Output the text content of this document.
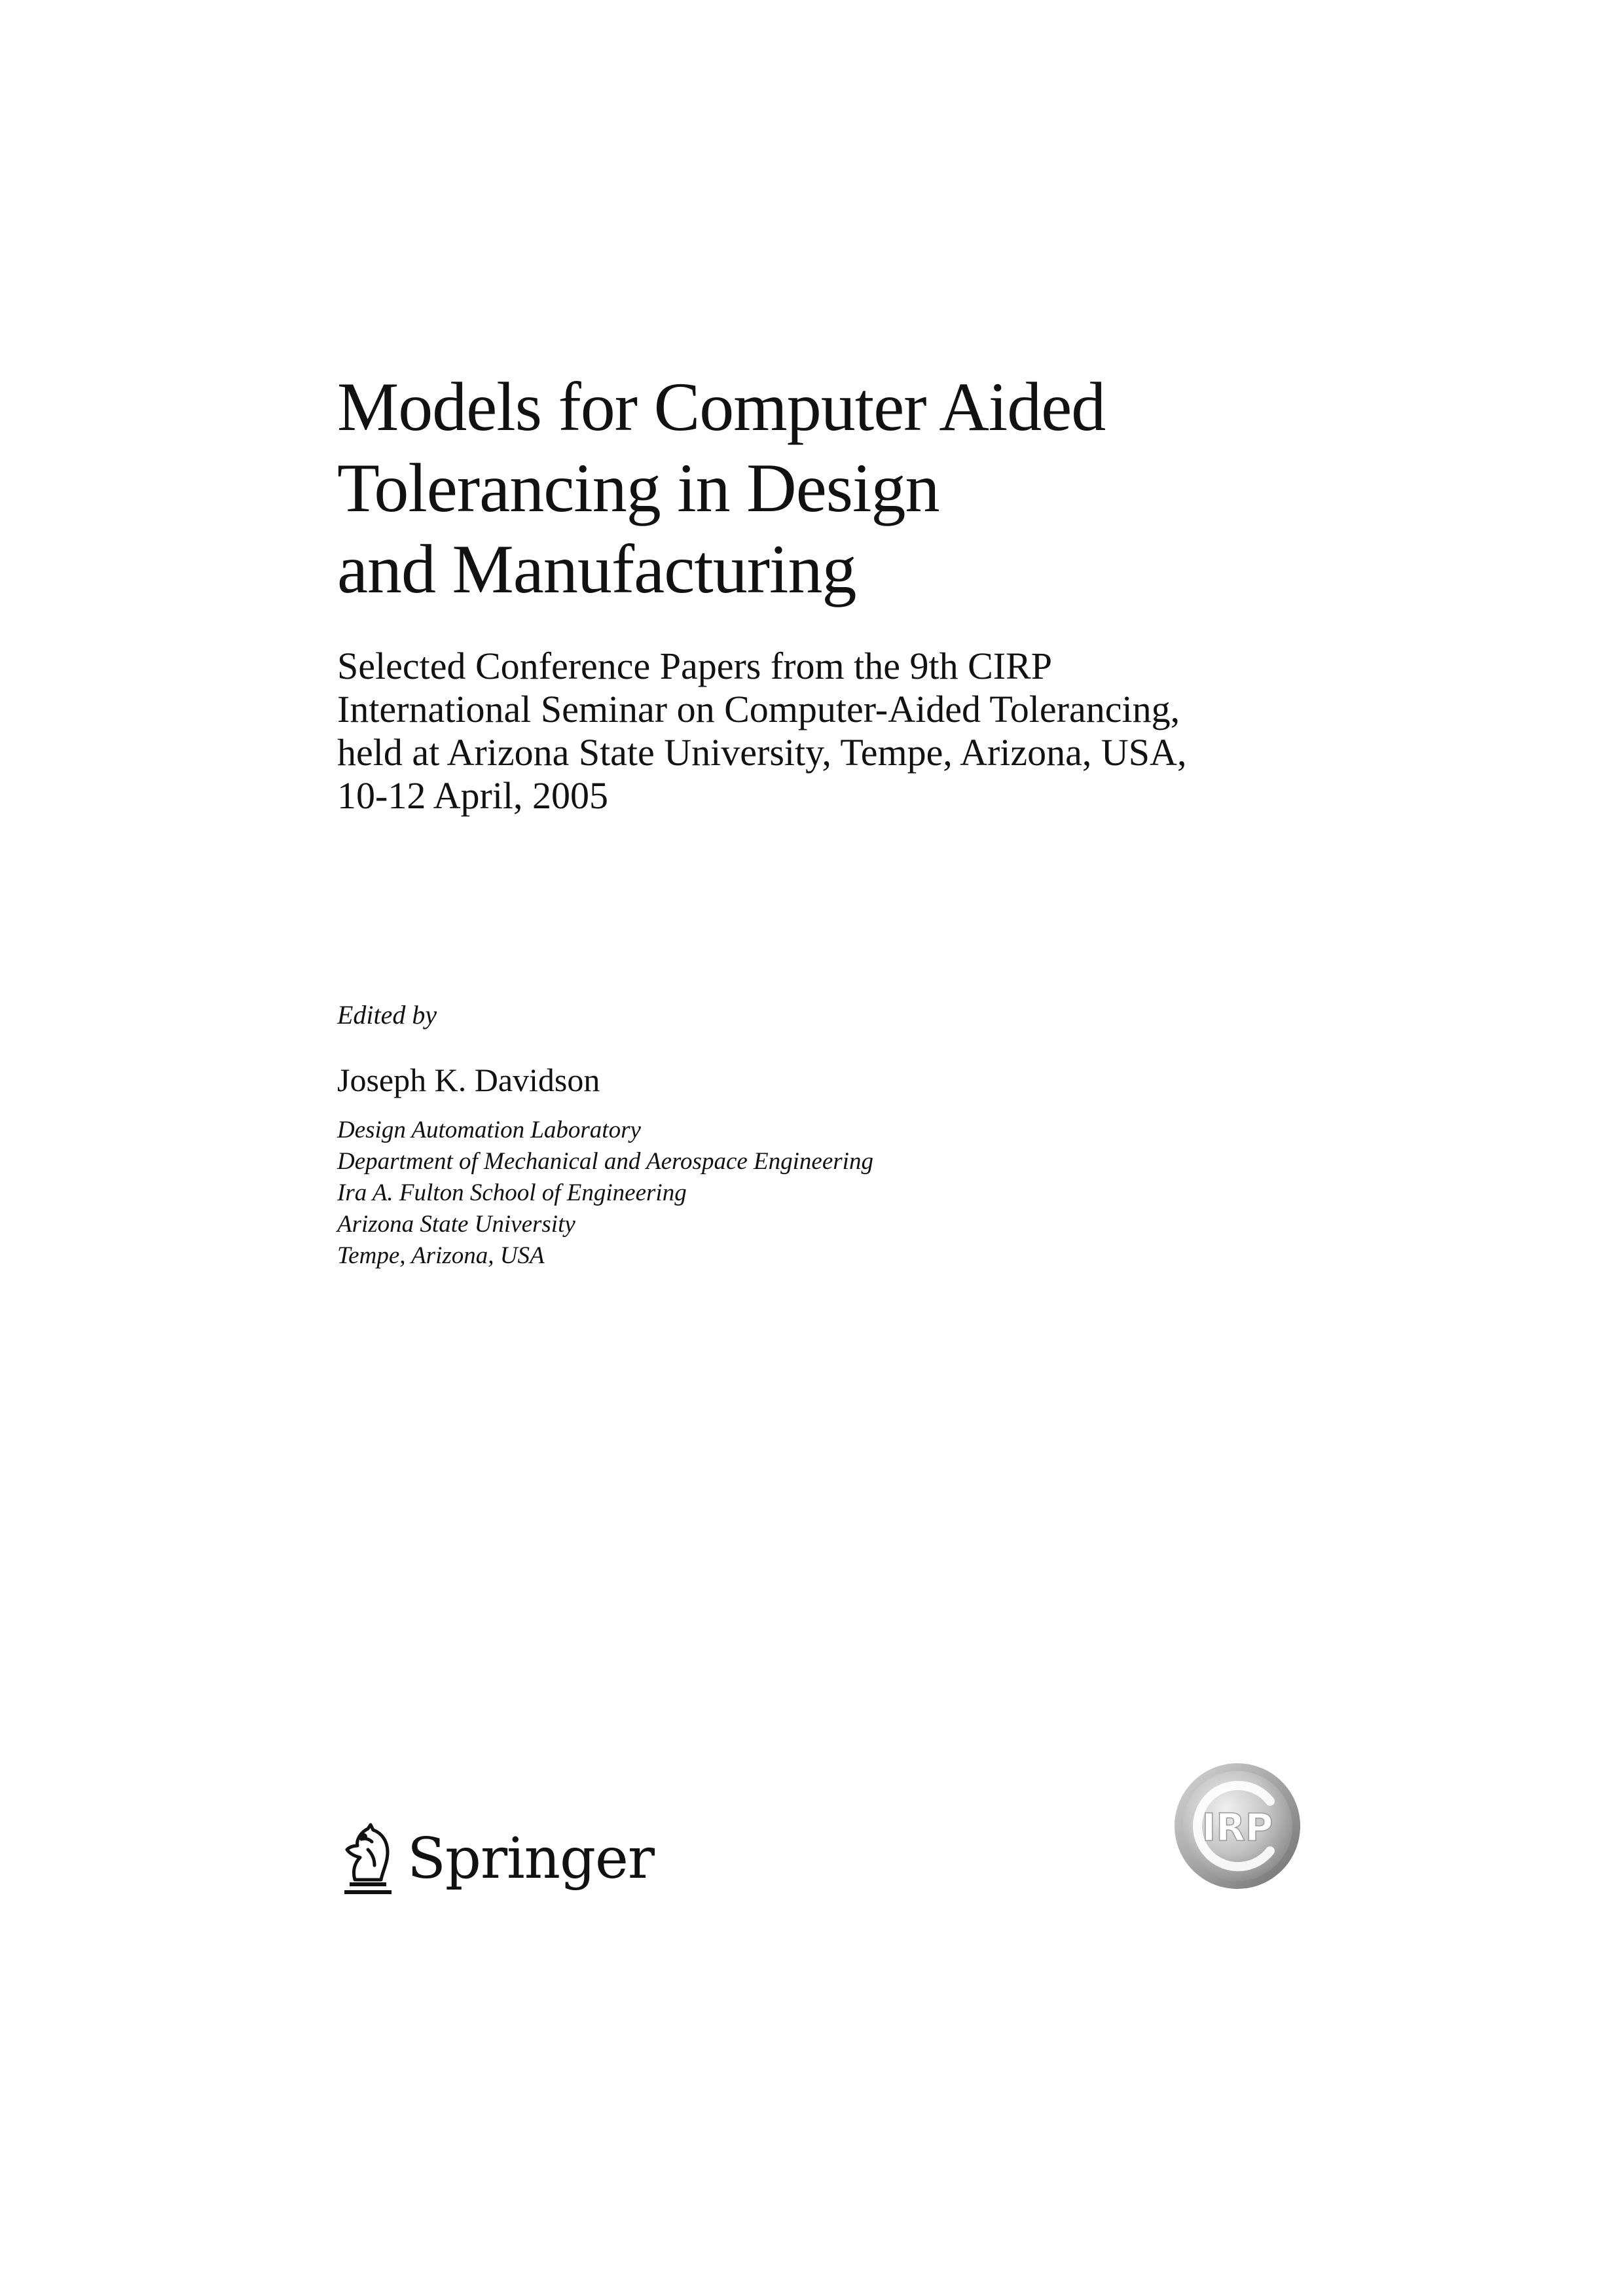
Models for Computer Aided
Tolerancing in Design
and Manufacturing
Selected Conference Papers from the 9th CIRP
International Seminar on Computer-Aided Tolerancing,
held at Arizona State University, Tempe, Arizona, USA,
10-12 April, 2005
Edited by
Joseph K. Davidson
Design Automation Laboratory
Department of Mechanical and Aerospace Engineering
Ira A. Fulton School of Engineering
Arizona State University
Tempe, Arizona, USA
Springer	IRP
